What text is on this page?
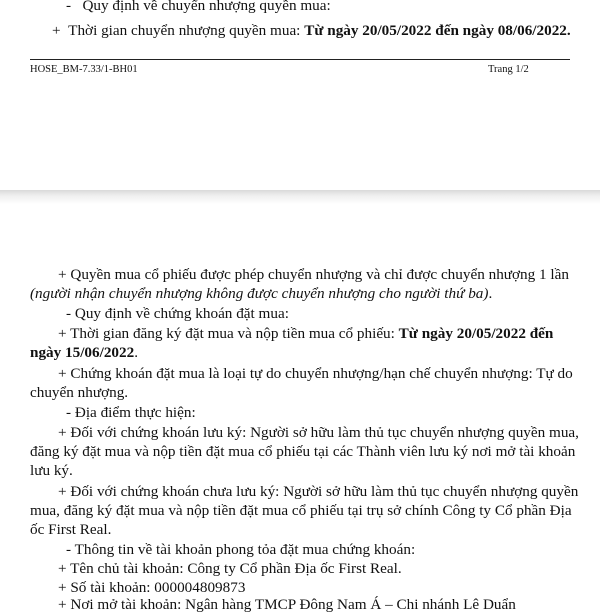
- Quy định về chuyển nhượng quyền mua:
+ Thời gian chuyển nhượng quyền mua: Từ ngày 20/05/2022 đến ngày 08/06/2022.
HOSE_BM-7.33/1-BH01	Trang 1/2
+ Quyền mua cổ phiếu được phép chuyển nhượng và chỉ được chuyển nhượng 1 lần
(người nhận chuyển nhượng không được chuyển nhượng cho người thứ ba).
- Quy định về chứng khoán đặt mua:
+ Thời gian đăng ký đặt mua và nộp tiền mua cổ phiếu: Từ ngày 20/05/2022 đến
ngày 15/06/2022.
+ Chứng khoán đặt mua là loại tự do chuyển nhượng/hạn chế chuyển nhượng: Tự do
chuyển nhượng.
- Địa điểm thực hiện:
+ Đối với chứng khoán lưu ký: Người sở hữu làm thủ tục chuyển nhượng quyền mua,
đăng ký đặt mua và nộp tiền đặt mua cổ phiếu tại các Thành viên lưu ký nơi mở tài khoản
lưu ký.
+ Đối với chứng khoán chưa lưu ký: Người sở hữu làm thủ tục chuyển nhượng quyền
mua, đăng ký đặt mua và nộp tiền đặt mua cổ phiếu tại trụ sở chính Công ty Cổ phần Địa
ốc First Real.
- Thông tin về tài khoản phong tỏa đặt mua chứng khoán:
+ Tên chủ tài khoản: Công ty Cổ phần Địa ốc First Real.
+ Số tài khoản: 000004809873
+ Nơi mở tài khoản: Ngân hàng TMCP Đông Nam Á – Chi nhánh Lê Duẩn
